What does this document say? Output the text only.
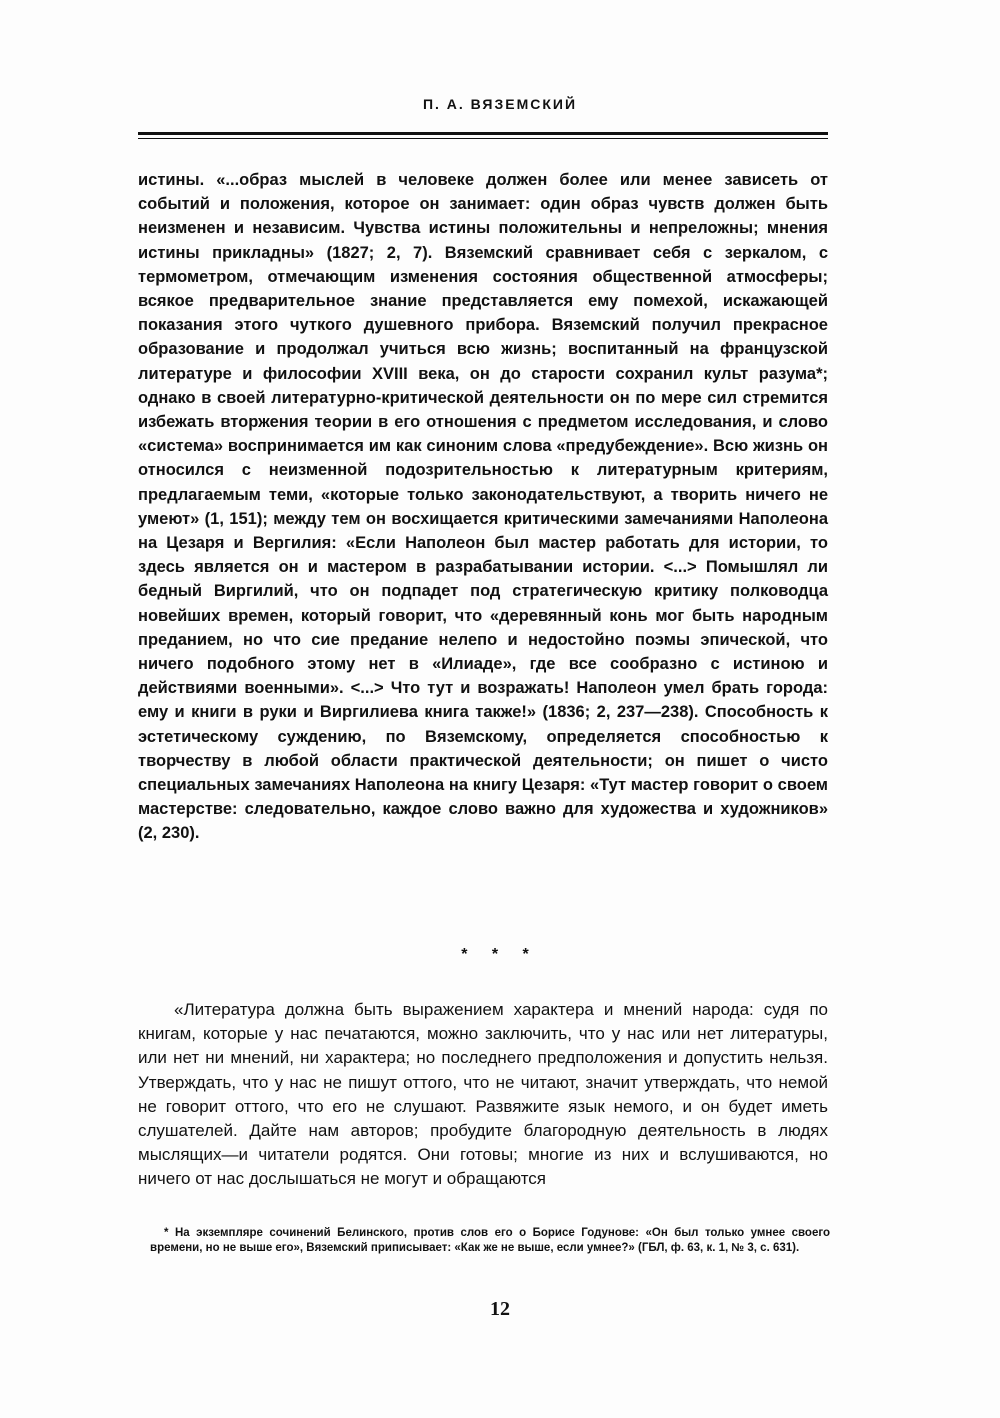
П. А. ВЯЗЕМСКИЙ

истины. «...образ мыслей в человеке должен более или менее зависеть от событий и положения, которое он занимает: один образ чувств должен быть неизменен и независим. Чувства истины положительны и непреложны; мнения истины прикладны» (1827; 2, 7). Вяземский сравнивает себя с зеркалом, с термометром, отмечающим изменения состояния общественной атмосферы; всякое предварительное знание представляется ему помехой, искажающей показания этого чуткого душевного прибора. Вяземский получил прекрасное образование и продолжал учиться всю жизнь; воспитанный на французской литературе и философии XVIII века, он до старости сохранил культ разума*; однако в своей литературно-критической деятельности он по мере сил стремится избежать вторжения теории в его отношения с предметом исследования, и слово «система» воспринимается им как синоним слова «предубеждение». Всю жизнь он относился с неизменной подозрительностью к литературным критериям, предлагаемым теми, «которые только законодательствуют, а творить ничего не умеют» (1, 151); между тем он восхищается критическими замечаниями Наполеона на Цезаря и Вергилия: «Если Наполеон был мастер работать для истории, то здесь является он и мастером в разрабатывании истории. <...> Помышлял ли бедный Виргилий, что он подпадет под стратегическую критику полководца новейших времен, который говорит, что «деревянный конь мог быть народным преданием, но что сие предание нелепо и недостойно поэмы эпической, что ничего подобного этому нет в «Илиаде», где все сообразно с истиною и действиями военными». <...> Что тут и возражать! Наполеон умел брать города: ему и книги в руки и Виргилиева книга также!» (1836; 2, 237—238). Способность к эстетическому суждению, по Вяземскому, определяется способностью к творчеству в любой области практической деятельности; он пишет о чисто специальных замечаниях Наполеона на книгу Цезаря: «Тут мастер говорит о своем мастерстве: следовательно, каждое слово важно для художества и художников» (2, 230).

* * *

«Литература должна быть выражением характера и мнений народа: судя по книгам, которые у нас печатаются, можно заключить, что у нас или нет литературы, или нет ни мнений, ни характера; но последнего предположения и допустить нельзя. Утверждать, что у нас не пишут оттого, что не читают, значит утверждать, что немой не говорит оттого, что его не слушают. Развяжите язык немого, и он будет иметь слушателей. Дайте нам авторов; пробудите благородную деятельность в людях мыслящих—и читатели родятся. Они готовы; многие из них и вслушиваются, но ничего от нас дослышаться не могут и обращаются

* На экземпляре сочинений Белинского, против слов его о Борисе Годунове: «Он был только умнее своего времени, но не выше его», Вяземский приписывает: «Как же не выше, если умнее?» (ГБЛ, ф. 63, к. 1, № 3, с. 631).

12
